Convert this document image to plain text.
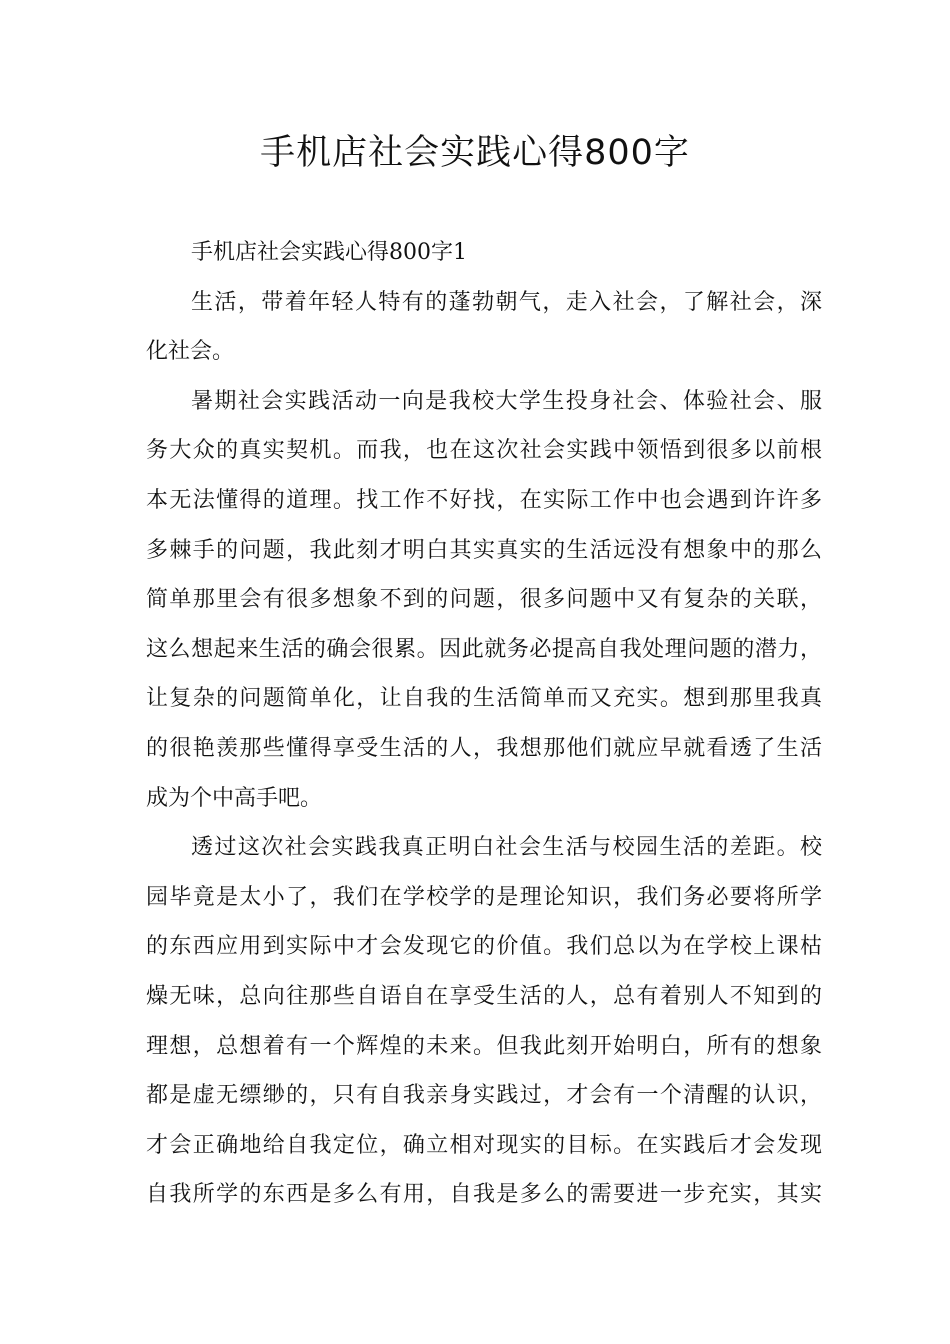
手机店社会实践心得800字
手机店社会实践心得800字1
生活，带着年轻人特有的蓬勃朝气，走入社会，了解社会，深
化社会。
暑期社会实践活动一向是我校大学生投身社会、体验社会、服
务大众的真实契机。而我，也在这次社会实践中领悟到很多以前根
本无法懂得的道理。找工作不好找，在实际工作中也会遇到许许多
多棘手的问题，我此刻才明白其实真实的生活远没有想象中的那么
简单那里会有很多想象不到的问题，很多问题中又有复杂的关联，
这么想起来生活的确会很累。因此就务必提高自我处理问题的潜力，
让复杂的问题简单化，让自我的生活简单而又充实。想到那里我真
的很艳羡那些懂得享受生活的人，我想那他们就应早就看透了生活
成为个中高手吧。
透过这次社会实践我真正明白社会生活与校园生活的差距。校
园毕竟是太小了，我们在学校学的是理论知识，我们务必要将所学
的东西应用到实际中才会发现它的价值。我们总以为在学校上课枯
燥无味，总向往那些自语自在享受生活的人，总有着别人不知到的
理想，总想着有一个辉煌的未来。但我此刻开始明白，所有的想象
都是虚无缥缈的，只有自我亲身实践过，才会有一个清醒的认识，
才会正确地给自我定位，确立相对现实的目标。在实践后才会发现
自我所学的东西是多么有用，自我是多么的需要进一步充实，其实
